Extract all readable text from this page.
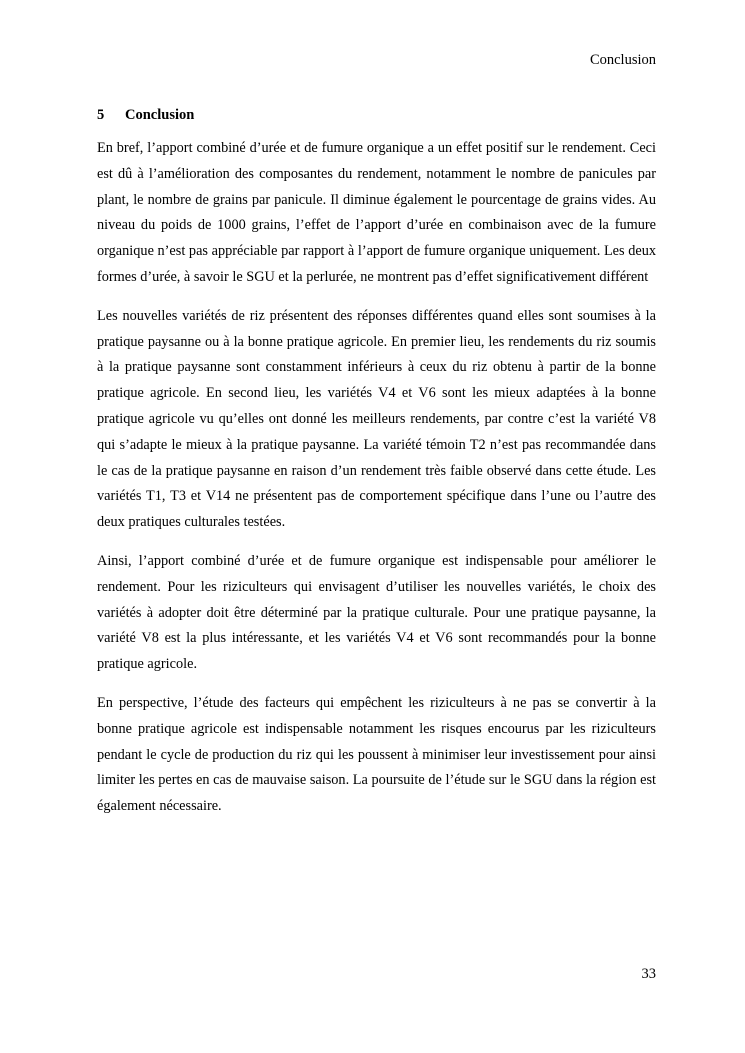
Conclusion
5	Conclusion

En bref, l’apport combiné d’urée et de fumure organique a un effet positif sur le rendement. Ceci est dû à l’amélioration des composantes du rendement, notamment le nombre de panicules par plant, le nombre de grains par panicule. Il diminue également le pourcentage de grains vides. Au niveau du poids de 1000 grains, l’effet de l’apport d’urée en combinaison avec de la fumure organique n’est pas appréciable par rapport à l’apport de fumure organique uniquement. Les deux formes d’urée, à savoir le SGU et la perlurée, ne montrent pas d’effet significativement différent

Les nouvelles variétés de riz présentent des réponses différentes quand elles sont soumises à la pratique paysanne ou à la bonne pratique agricole. En premier lieu, les rendements du riz soumis à la pratique paysanne sont constamment inférieurs à ceux du riz obtenu à partir de la bonne pratique agricole. En second lieu, les variétés V4 et V6 sont les mieux adaptées à la bonne pratique agricole vu qu’elles ont donné les meilleurs rendements, par contre c’est la variété V8 qui s’adapte le mieux à la pratique paysanne. La variété témoin T2 n’est pas recommandée dans le cas de la pratique paysanne en raison d’un rendement très faible observé dans cette étude. Les variétés T1, T3 et V14 ne présentent pas de comportement spécifique dans l’une ou l’autre des deux pratiques culturales testées.

Ainsi, l’apport combiné d’urée et de fumure organique est indispensable pour améliorer le rendement. Pour les riziculteurs qui envisagent d’utiliser les nouvelles variétés, le choix des variétés à adopter doit être déterminé par la pratique culturale. Pour une pratique paysanne, la variété V8 est la plus intéressante, et les variétés V4 et V6 sont recommandés pour la bonne pratique agricole.

En perspective, l’étude des facteurs qui empêchent les riziculteurs à ne pas se convertir à la bonne pratique agricole est indispensable notamment les risques encourus par les riziculteurs pendant le cycle de production du riz qui les poussent à minimiser leur investissement pour ainsi limiter les pertes en cas de mauvaise saison. La poursuite de l’étude sur le SGU dans la région est également nécessaire.

33
